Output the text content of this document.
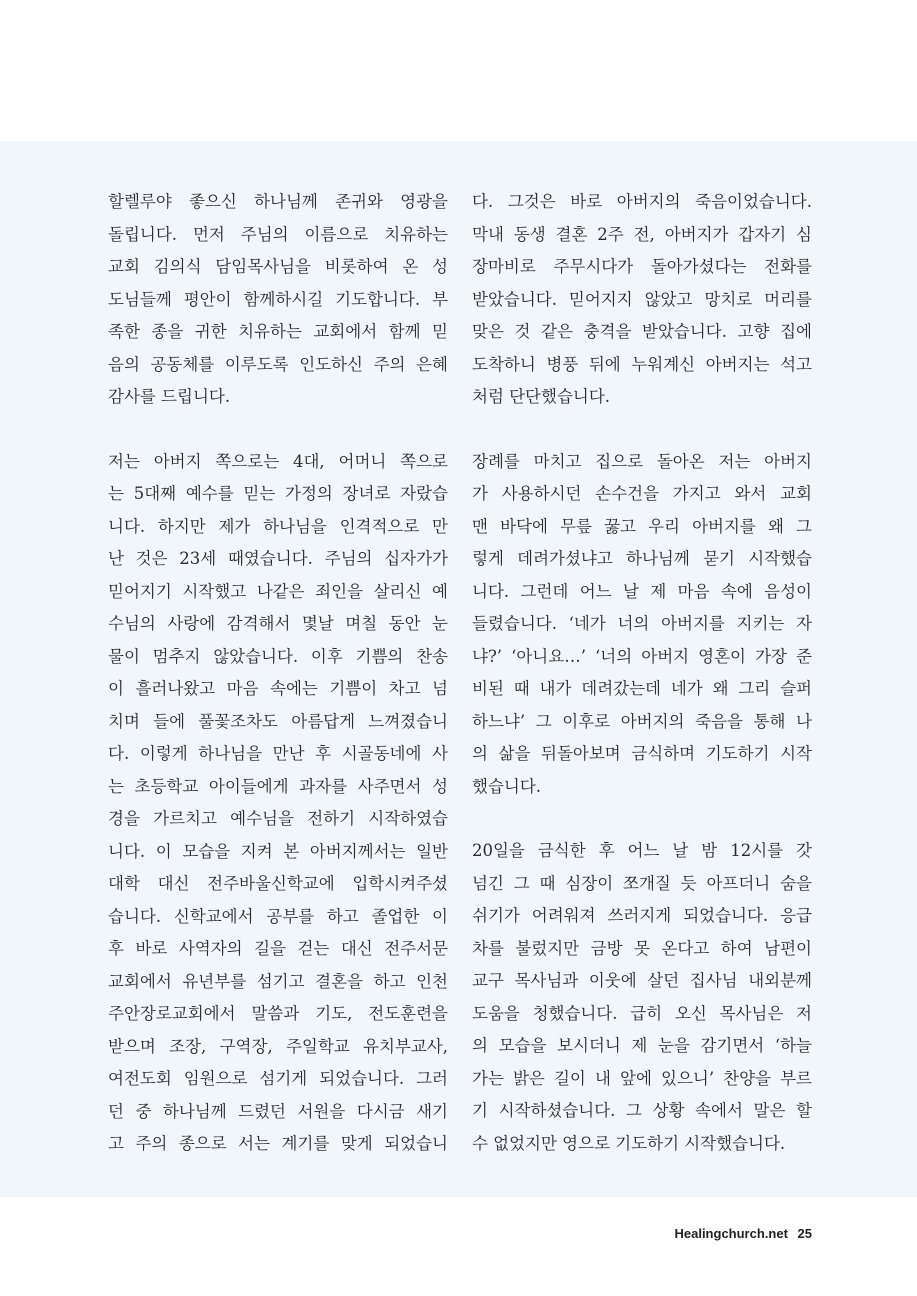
할렐루야 좋으신 하나님께 존귀와 영광을
돌립니다. 먼저 주님의 이름으로 치유하는
교회 김의식 담임목사님을 비롯하여 온 성
도님들께 평안이 함께하시길 기도합니다. 부
족한 종을 귀한 치유하는 교회에서 함께 믿
음의 공동체를 이루도록 인도하신 주의 은혜
감사를 드립니다.
저는 아버지 쪽으로는 4대, 어머니 쪽으로
는 5대째 예수를 믿는 가정의 장녀로 자랐습
니다. 하지만 제가 하나님을 인격적으로 만
난 것은 23세 때였습니다. 주님의 십자가가
믿어지기 시작했고 나같은 죄인을 살리신 예
수님의 사랑에 감격해서 몇날 며칠 동안 눈
물이 멈추지 않았습니다. 이후 기쁨의 찬송
이 흘러나왔고 마음 속에는 기쁨이 차고 넘
치며 들에 풀꽃조차도 아름답게 느껴졌습니
다. 이렇게 하나님을 만난 후 시골동네에 사
는 초등학교 아이들에게 과자를 사주면서 성
경을 가르치고 예수님을 전하기 시작하였습
니다. 이 모습을 지켜 본 아버지께서는 일반
대학 대신 전주바울신학교에 입학시켜주셨
습니다. 신학교에서 공부를 하고 졸업한 이
후 바로 사역자의 길을 걷는 대신 전주서문
교회에서 유년부를 섬기고 결혼을 하고 인천
주안장로교회에서 말씀과 기도, 전도훈련을
받으며 조장, 구역장, 주일학교 유치부교사,
여전도회 임원으로 섬기게 되었습니다. 그러
던 중 하나님께 드렸던 서원을 다시금 새기
고 주의 종으로 서는 계기를 맞게 되었습니
다. 그것은 바로 아버지의 죽음이었습니다.
막내 동생 결혼 2주 전, 아버지가 갑자기 심
장마비로 주무시다가 돌아가셨다는 전화를
받았습니다. 믿어지지 않았고 망치로 머리를
맞은 것 같은 충격을 받았습니다. 고향 집에
도착하니 병풍 뒤에 누워계신 아버지는 석고
처럼 단단했습니다.
장례를 마치고 집으로 돌아온 저는 아버지
가 사용하시던 손수건을 가지고 와서 교회
맨 바닥에 무릎 꿇고 우리 아버지를 왜 그
렇게 데려가셨냐고 하나님께 묻기 시작했습
니다. 그런데 어느 날 제 마음 속에 음성이
들렸습니다. ‘네가 너의 아버지를 지키는 자
냐?’ ‘아니요…’ ‘너의 아버지 영혼이 가장 준
비된 때 내가 데려갔는데 네가 왜 그리 슬퍼
하느냐’ 그 이후로 아버지의 죽음을 통해 나
의 삶을 뒤돌아보며 금식하며 기도하기 시작
했습니다.
20일을 금식한 후 어느 날 밤 12시를 갓
넘긴 그 때 심장이 쪼개질 듯 아프더니 숨을
쉬기가 어려워져 쓰러지게 되었습니다. 응급
차를 불렀지만 금방 못 온다고 하여 남편이
교구 목사님과 이웃에 살던 집사님 내외분께
도움을 청했습니다. 급히 오신 목사님은 저
의 모습을 보시더니 제 눈을 감기면서 ‘하늘
가는 밝은 길이 내 앞에 있으니’ 찬양을 부르
기 시작하셨습니다. 그 상황 속에서 말은 할
수 없었지만 영으로 기도하기 시작했습니다.
Healingchurch.net 25
